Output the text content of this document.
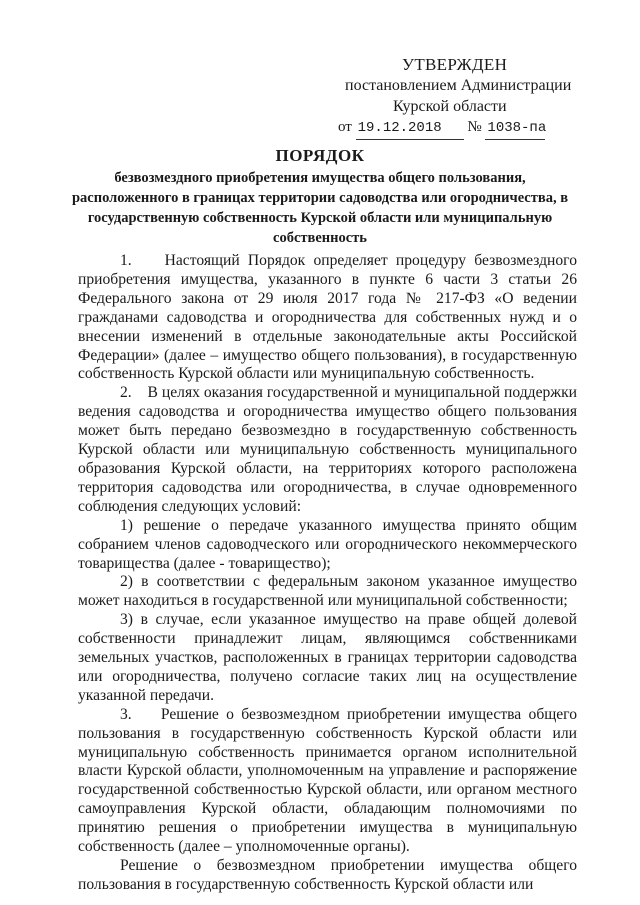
УТВЕРЖДЕН
постановлением Администрации
Курской области
от 19.12.2018 № 1038-па
ПОРЯДОК
безвозмездного приобретения имущества общего пользования, расположенного в границах территории садоводства или огородничества, в государственную собственность Курской области или муниципальную собственность

1.    Настоящий Порядок определяет процедуру безвозмездного приобретения имущества, указанного в пункте 6 части 3 статьи 26 Федерального закона от 29 июля 2017 года № 217-ФЗ «О ведении гражданами садоводства и огородничества для собственных нужд и о внесении изменений в отдельные законодательные акты Российской Федерации» (далее – имущество общего пользования), в государственную собственность Курской области или муниципальную собственность.

2.    В целях оказания государственной и муниципальной поддержки ведения садоводства и огородничества имущество общего пользования может быть передано безвозмездно в государственную собственность Курской области или муниципальную собственность муниципального образования Курской области, на территориях которого расположена территория садоводства или огородничества, в случае одновременного соблюдения следующих условий:

1) решение о передаче указанного имущества принято общим собранием членов садоводческого или огороднического некоммерческого товарищества (далее - товарищество);

2) в соответствии с федеральным законом указанное имущество может находиться в государственной или муниципальной собственности;

3) в случае, если указанное имущество на праве общей долевой собственности принадлежит лицам, являющимся собственниками земельных участков, расположенных в границах территории садоводства или огородничества, получено согласие таких лиц на осуществление указанной передачи.

3.    Решение о безвозмездном приобретении имущества общего пользования в государственную собственность Курской области или муниципальную собственность принимается органом исполнительной власти Курской области, уполномоченным на управление и распоряжение государственной собственностью Курской области, или органом местного самоуправления Курской области, обладающим полномочиями по принятию решения о приобретении имущества в муниципальную собственность (далее – уполномоченные органы).

Решение о безвозмездном приобретении имущества общего пользования в государственную собственность Курской области или
